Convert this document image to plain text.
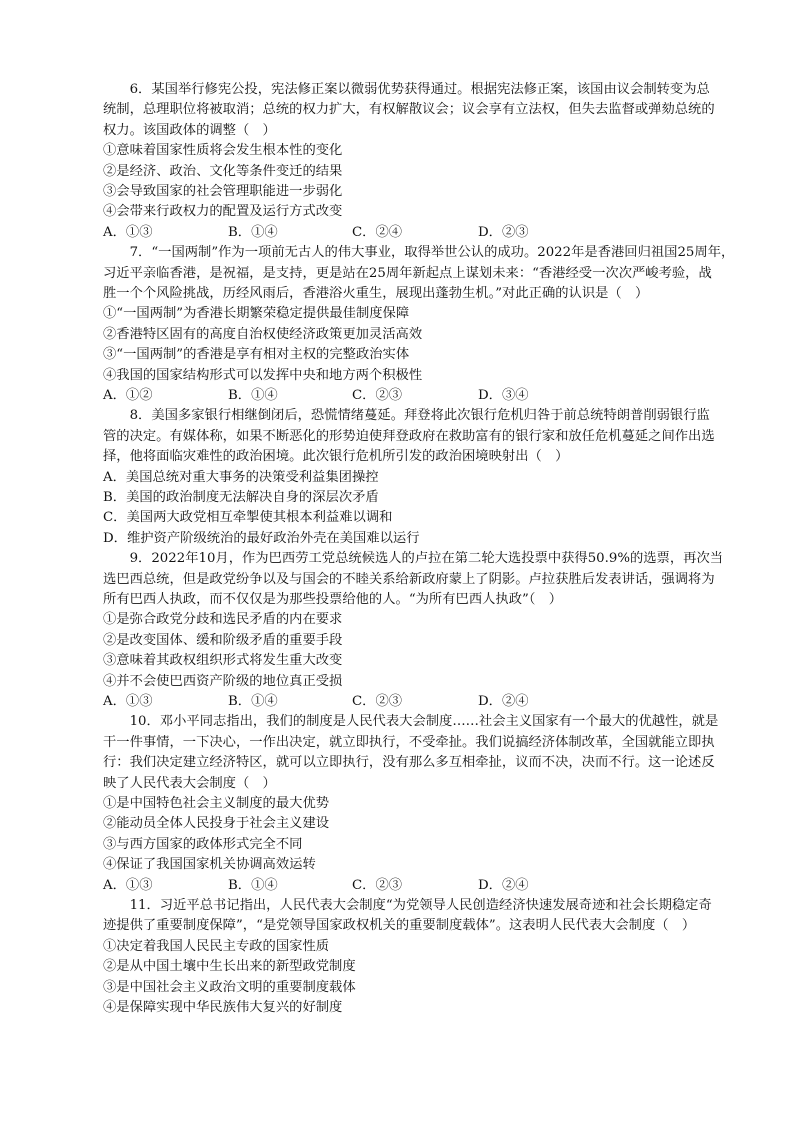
　　6．某国举行修宪公投，宪法修正案以微弱优势获得通过。根据宪法修正案，该国由议会制转变为总
统制，总理职位将被取消；总统的权力扩大，有权解散议会；议会享有立法权，但失去监督或弹劾总统的
权力。该国政体的调整（　）
①意味着国家性质将会发生根本性的变化
②是经济、政治、文化等条件变迁的结果
③会导致国家的社会管理职能进一步弱化
④会带来行政权力的配置及运行方式改变
A．①③	B．①④	C．②④	D．②③
　　7．“一国两制”作为一项前无古人的伟大事业，取得举世公认的成功。2022年是香港回归祖国25周年，
习近平亲临香港，是祝福，是支持，更是站在25周年新起点上谋划未来：“香港经受一次次严峻考验，战
胜一个个风险挑战，历经风雨后，香港浴火重生，展现出蓬勃生机。”对此正确的认识是（　）
①“一国两制”为香港长期繁荣稳定提供最佳制度保障
②香港特区固有的高度自治权使经济政策更加灵活高效
③“一国两制”的香港是享有相对主权的完整政治实体
④我国的国家结构形式可以发挥中央和地方两个积极性
A．①②	B．①④	C．②③	D．③④
　　8．美国多家银行相继倒闭后，恐慌情绪蔓延。拜登将此次银行危机归咎于前总统特朗普削弱银行监
管的决定。有媒体称，如果不断恶化的形势迫使拜登政府在救助富有的银行家和放任危机蔓延之间作出选
择，他将面临灾难性的政治困境。此次银行危机所引发的政治困境映射出（　）
A．美国总统对重大事务的决策受利益集团操控
B．美国的政治制度无法解决自身的深层次矛盾
C．美国两大政党相互牵掣使其根本利益难以调和
D．维护资产阶级统治的最好政治外壳在美国难以运行
　　9．2022年10月，作为巴西劳工党总统候选人的卢拉在第二轮大选投票中获得50.9%的选票，再次当
选巴西总统，但是政党纷争以及与国会的不睦关系给新政府蒙上了阴影。卢拉获胜后发表讲话，强调将为
所有巴西人执政，而不仅仅是为那些投票给他的人。“为所有巴西人执政”（　）
①是弥合政党分歧和选民矛盾的内在要求
②是改变国体、缓和阶级矛盾的重要手段
③意味着其政权组织形式将发生重大改变
④并不会使巴西资产阶级的地位真正受损
A．①③	B．①④	C．②③	D．②④
　　10．邓小平同志指出，我们的制度是人民代表大会制度……社会主义国家有一个最大的优越性，就是
干一件事情，一下决心，一作出决定，就立即执行，不受牵扯。我们说搞经济体制改革，全国就能立即执
行：我们决定建立经济特区，就可以立即执行，没有那么多互相牵扯，议而不决，决而不行。这一论述反
映了人民代表大会制度（　）
①是中国特色社会主义制度的最大优势
②能动员全体人民投身于社会主义建设
③与西方国家的政体形式完全不同
④保证了我国国家机关协调高效运转
A．①③	B．①④	C．②③	D．②④
　　11．习近平总书记指出，人民代表大会制度“为党领导人民创造经济快速发展奇迹和社会长期稳定奇
迹提供了重要制度保障”，“是党领导国家政权机关的重要制度载体”。这表明人民代表大会制度（　）
①决定着我国人民民主专政的国家性质
②是从中国土壤中生长出来的新型政党制度
③是中国社会主义政治文明的重要制度载体
④是保障实现中华民族伟大复兴的好制度
